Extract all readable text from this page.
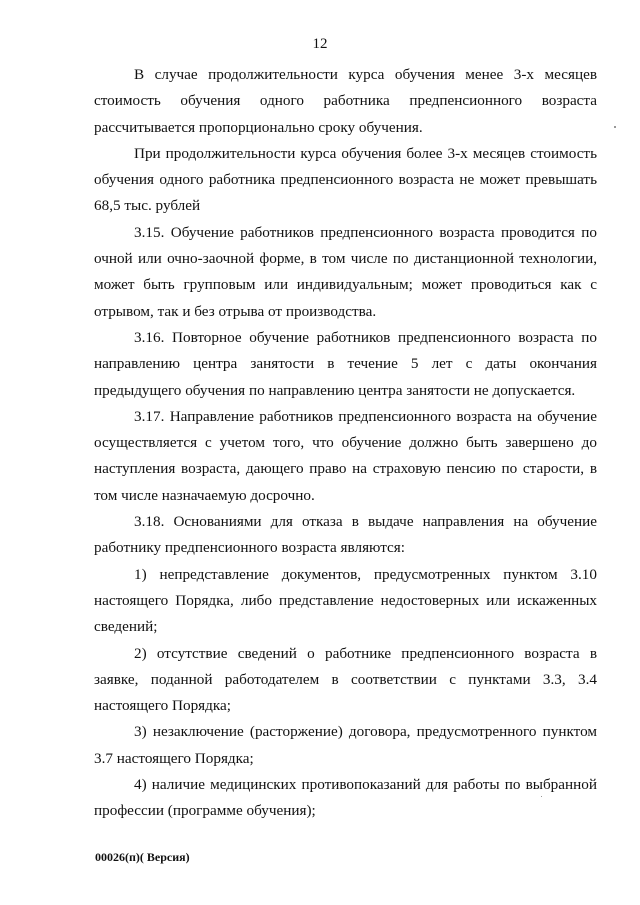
12

В случае продолжительности курса обучения менее 3-х месяцев стоимость обучения одного работника предпенсионного возраста рассчитывается пропорционально сроку обучения.

При продолжительности курса обучения более 3-х месяцев стоимость обучения одного работника предпенсионного возраста не может превышать 68,5 тыс. рублей

3.15. Обучение работников предпенсионного возраста проводится по очной или очно-заочной форме, в том числе по дистанционной технологии, может быть групповым или индивидуальным; может проводиться как с отрывом, так и без отрыва от производства.

3.16. Повторное обучение работников предпенсионного возраста по направлению центра занятости в течение 5 лет с даты окончания предыдущего обучения по направлению центра занятости не допускается.

3.17. Направление работников предпенсионного возраста на обучение осуществляется с учетом того, что обучение должно быть завершено до наступления возраста, дающего право на страховую пенсию по старости, в том числе назначаемую досрочно.

3.18. Основаниями для отказа в выдаче направления на обучение работнику предпенсионного возраста являются:

1) непредставление документов, предусмотренных пунктом 3.10 настоящего Порядка, либо представление недостоверных или искаженных сведений;

2) отсутствие сведений о работнике предпенсионного возраста в заявке, поданной работодателем в соответствии с пунктами 3.3, 3.4 настоящего Порядка;

3) незаключение (расторжение) договора, предусмотренного пунктом 3.7 настоящего Порядка;

4) наличие медицинских противопоказаний для работы по выбранной профессии (программе обучения);

00026(п)( Версия)
